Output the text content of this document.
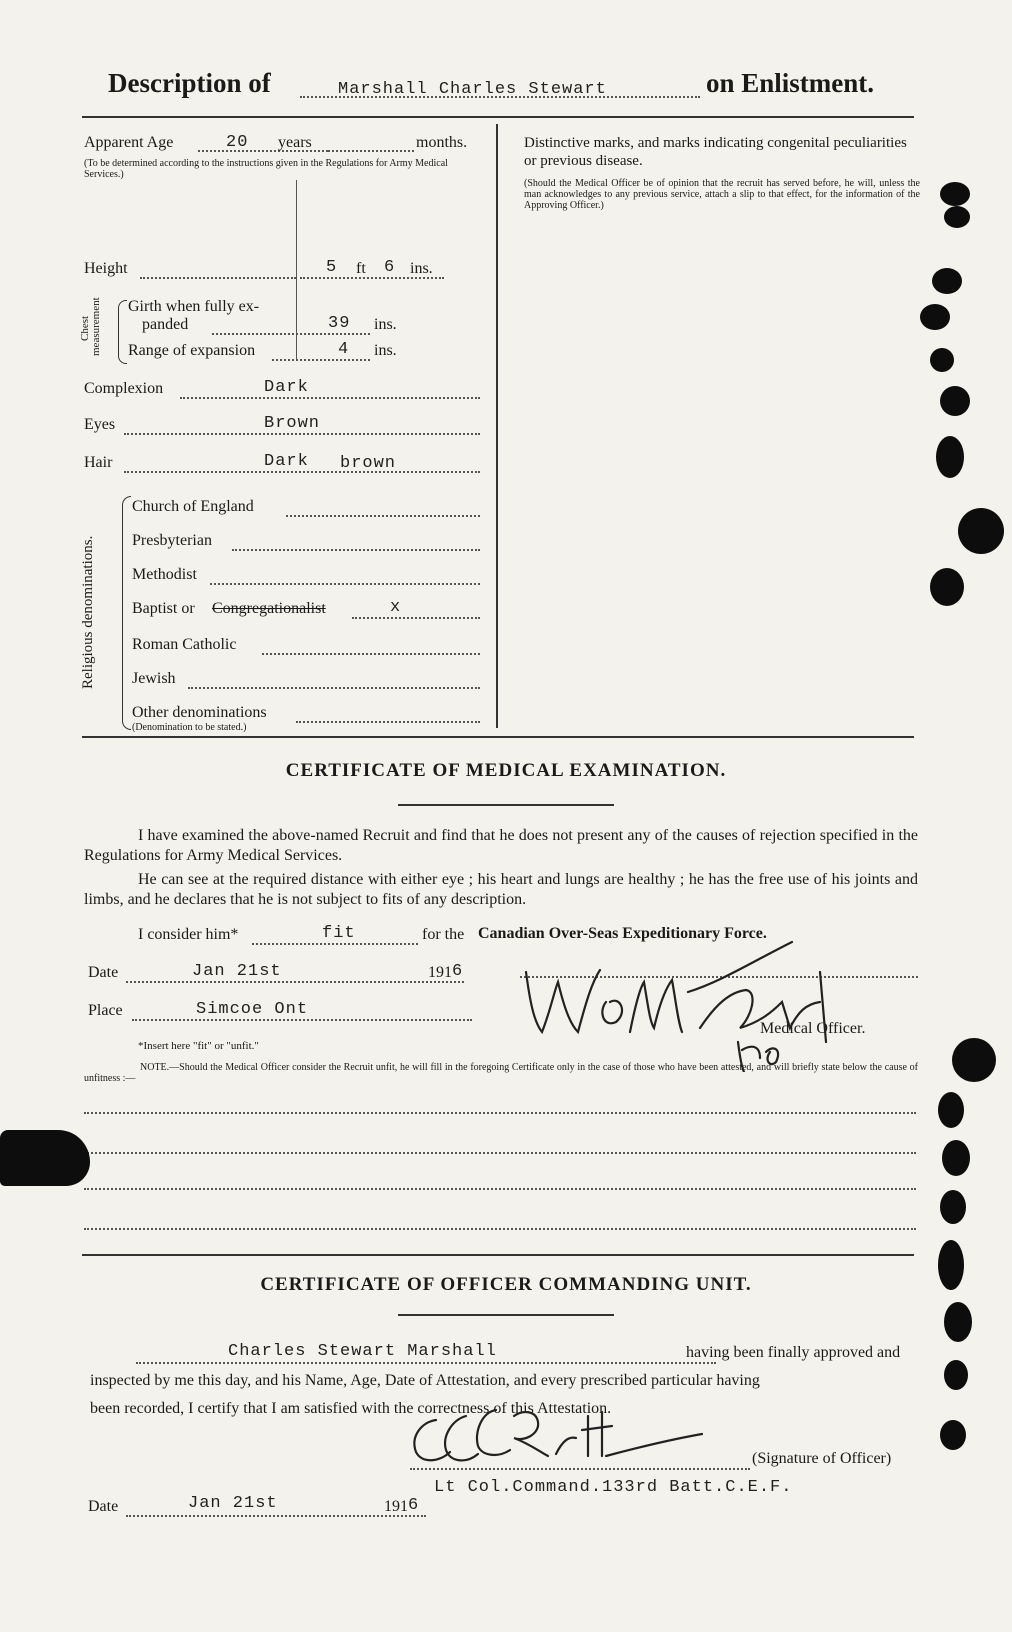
Description of	Marshall Charles Stewart	on Enlistment.
Apparent Age	20 years	months.
(To be determined according to the instructions given in the Regulations for Army Medical Services.)
Height	5 ft 6 ins.
Chest measurement	Girth when fully ex-
panded	39 ins.
Range of expansion	4 ins.
Complexion	Dark
Eyes	Brown
Hair	Dark brown
Religious denominations.
Church of England
Presbyterian
Methodist
Baptist or Congregationalist	x
Roman Catholic
Jewish
Other denominations
(Denomination to be stated.)
Distinctive marks, and marks indicating congenital peculiarities or previous disease.
(Should the Medical Officer be of opinion that the recruit has served before, he will, unless the man acknowledges to any previous service, attach a slip to that effect, for the information of the Approving Officer.)
CERTIFICATE OF MEDICAL EXAMINATION.
I have examined the above-named Recruit and find that he does not present any of the causes of rejection specified in the Regulations for Army Medical Services.
He can see at the required distance with either eye ; his heart and lungs are healthy ; he has the free use of his joints and limbs, and he declares that he is not subject to fits of any description.
I consider him*	fit	for the Canadian Over-Seas Expeditionary Force.
Date	Jan 21st	191 6
Place	Simcoe Ont
Medical Officer.
*Insert here "fit" or "unfit."
NOTE.—Should the Medical Officer consider the Recruit unfit, he will fill in the foregoing Certificate only in the case of those who have been attested, and will briefly state below the cause of unfitness :—
CERTIFICATE OF OFFICER COMMANDING UNIT.
Charles Stewart Marshall	having been finally approved and
inspected by me this day, and his Name, Age, Date of Attestation, and every prescribed particular having
been recorded, I certify that I am satisfied with the correctness of this Attestation.
(Signature of Officer)
Date	Jan 21st	191 6
Lt Col.Command.133rd Batt.C.E.F.
